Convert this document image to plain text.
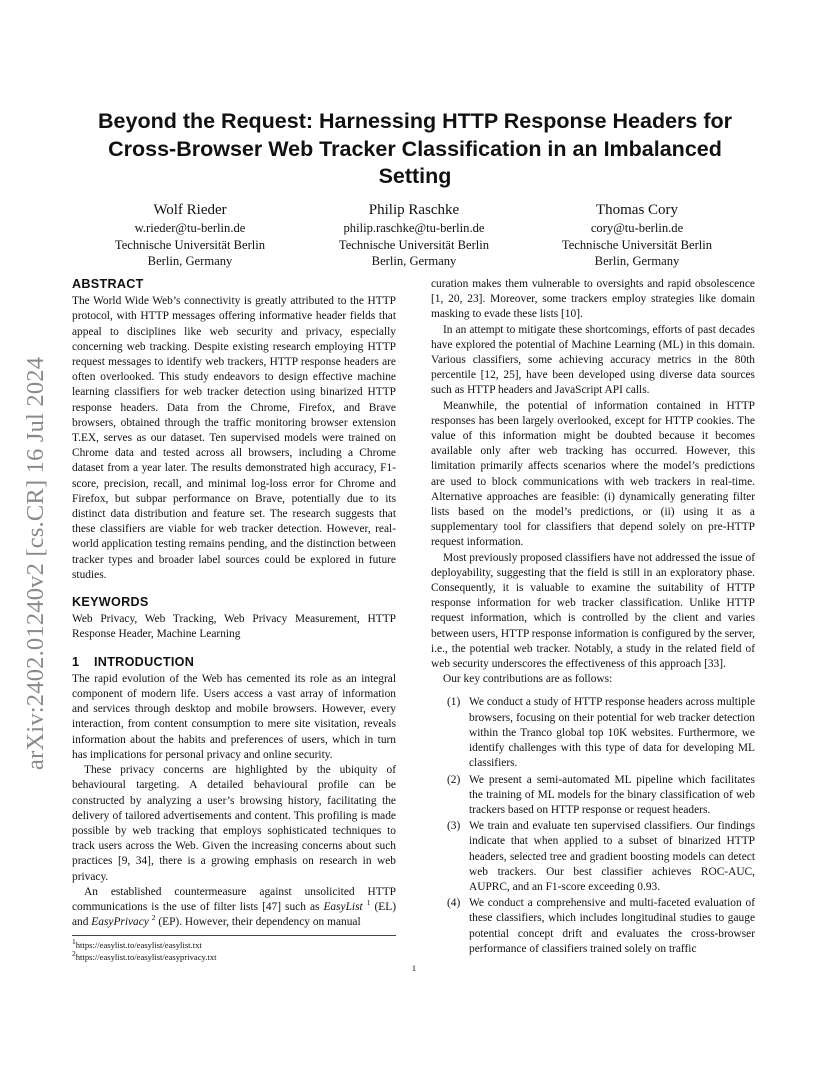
arXiv:2402.01240v2 [cs.CR] 16 Jul 2024
Beyond the Request: Harnessing HTTP Response Headers for Cross-Browser Web Tracker Classification in an Imbalanced Setting
Wolf Rieder
w.rieder@tu-berlin.de
Technische Universität Berlin
Berlin, Germany
Philip Raschke
philip.raschke@tu-berlin.de
Technische Universität Berlin
Berlin, Germany
Thomas Cory
cory@tu-berlin.de
Technische Universität Berlin
Berlin, Germany
ABSTRACT

The World Wide Web’s connectivity is greatly attributed to the HTTP protocol, with HTTP messages offering informative header fields that appeal to disciplines like web security and privacy, especially concerning web tracking. Despite existing research employing HTTP request messages to identify web trackers, HTTP response headers are often overlooked. This study endeavors to design effective machine learning classifiers for web tracker detection using binarized HTTP response headers. Data from the Chrome, Firefox, and Brave browsers, obtained through the traffic monitoring browser extension T.EX, serves as our dataset. Ten supervised models were trained on Chrome data and tested across all browsers, including a Chrome dataset from a year later. The results demonstrated high accuracy, F1-score, precision, recall, and minimal log-loss error for Chrome and Firefox, but subpar performance on Brave, potentially due to its distinct data distribution and feature set. The research suggests that these classifiers are viable for web tracker detection. However, real-world application testing remains pending, and the distinction between tracker types and broader label sources could be explored in future studies.

KEYWORDS

Web Privacy, Web Tracking, Web Privacy Measurement, HTTP Response Header, Machine Learning

1 INTRODUCTION

The rapid evolution of the Web has cemented its role as an integral component of modern life. Users access a vast array of information and services through desktop and mobile browsers. However, every interaction, from content consumption to mere site visitation, reveals information about the habits and preferences of users, which in turn has implications for personal privacy and online security.

These privacy concerns are highlighted by the ubiquity of behavioural targeting. A detailed behavioural profile can be constructed by analyzing a user’s browsing history, facilitating the delivery of tailored advertisements and content. This profiling is made possible by web tracking that employs sophisticated techniques to track users across the Web. Given the increasing concerns about such practices [9, 34], there is a growing emphasis on research in web privacy.

An established countermeasure against unsolicited HTTP communications is the use of filter lists [47] such as EasyList $^1$ (EL) and EasyPrivacy $^2$ (EP). However, their dependency on manual

$^1$https://easylist.to/easylist/easylist.txt
$^2$https://easylist.to/easylist/easyprivacy.txt

curation makes them vulnerable to oversights and rapid obsolescence [1, 20, 23]. Moreover, some trackers employ strategies like domain masking to evade these lists [10].

In an attempt to mitigate these shortcomings, efforts of past decades have explored the potential of Machine Learning (ML) in this domain. Various classifiers, some achieving accuracy metrics in the 80th percentile [12, 25], have been developed using diverse data sources such as HTTP headers and JavaScript API calls.

Meanwhile, the potential of information contained in HTTP responses has been largely overlooked, except for HTTP cookies. The value of this information might be doubted because it becomes available only after web tracking has occurred. However, this limitation primarily affects scenarios where the model’s predictions are used to block communications with web trackers in real-time. Alternative approaches are feasible: (i) dynamically generating filter lists based on the model’s predictions, or (ii) using it as a supplementary tool for classifiers that depend solely on pre-HTTP request information.

Most previously proposed classifiers have not addressed the issue of deployability, suggesting that the field is still in an exploratory phase. Consequently, it is valuable to examine the suitability of HTTP response information for web tracker classification. Unlike HTTP request information, which is controlled by the client and varies between users, HTTP response information is configured by the server, i.e., the potential web tracker. Notably, a study in the related field of web security underscores the effectiveness of this approach [33].

Our key contributions are as follows:

(1) We conduct a study of HTTP response headers across multiple browsers, focusing on their potential for web tracker detection within the Tranco global top 10K websites. Furthermore, we identify challenges with this type of data for developing ML classifiers.
(2) We present a semi-automated ML pipeline which facilitates the training of ML models for the binary classification of web trackers based on HTTP response or request headers.
(3) We train and evaluate ten supervised classifiers. Our findings indicate that when applied to a subset of binarized HTTP headers, selected tree and gradient boosting models can detect web trackers. Our best classifier achieves ROC-AUC, AUPRC, and an F1-score exceeding 0.93.
(4) We conduct a comprehensive and multi-faceted evaluation of these classifiers, which includes longitudinal studies to gauge potential concept drift and evaluates the cross-browser performance of classifiers trained solely on traffic
1
